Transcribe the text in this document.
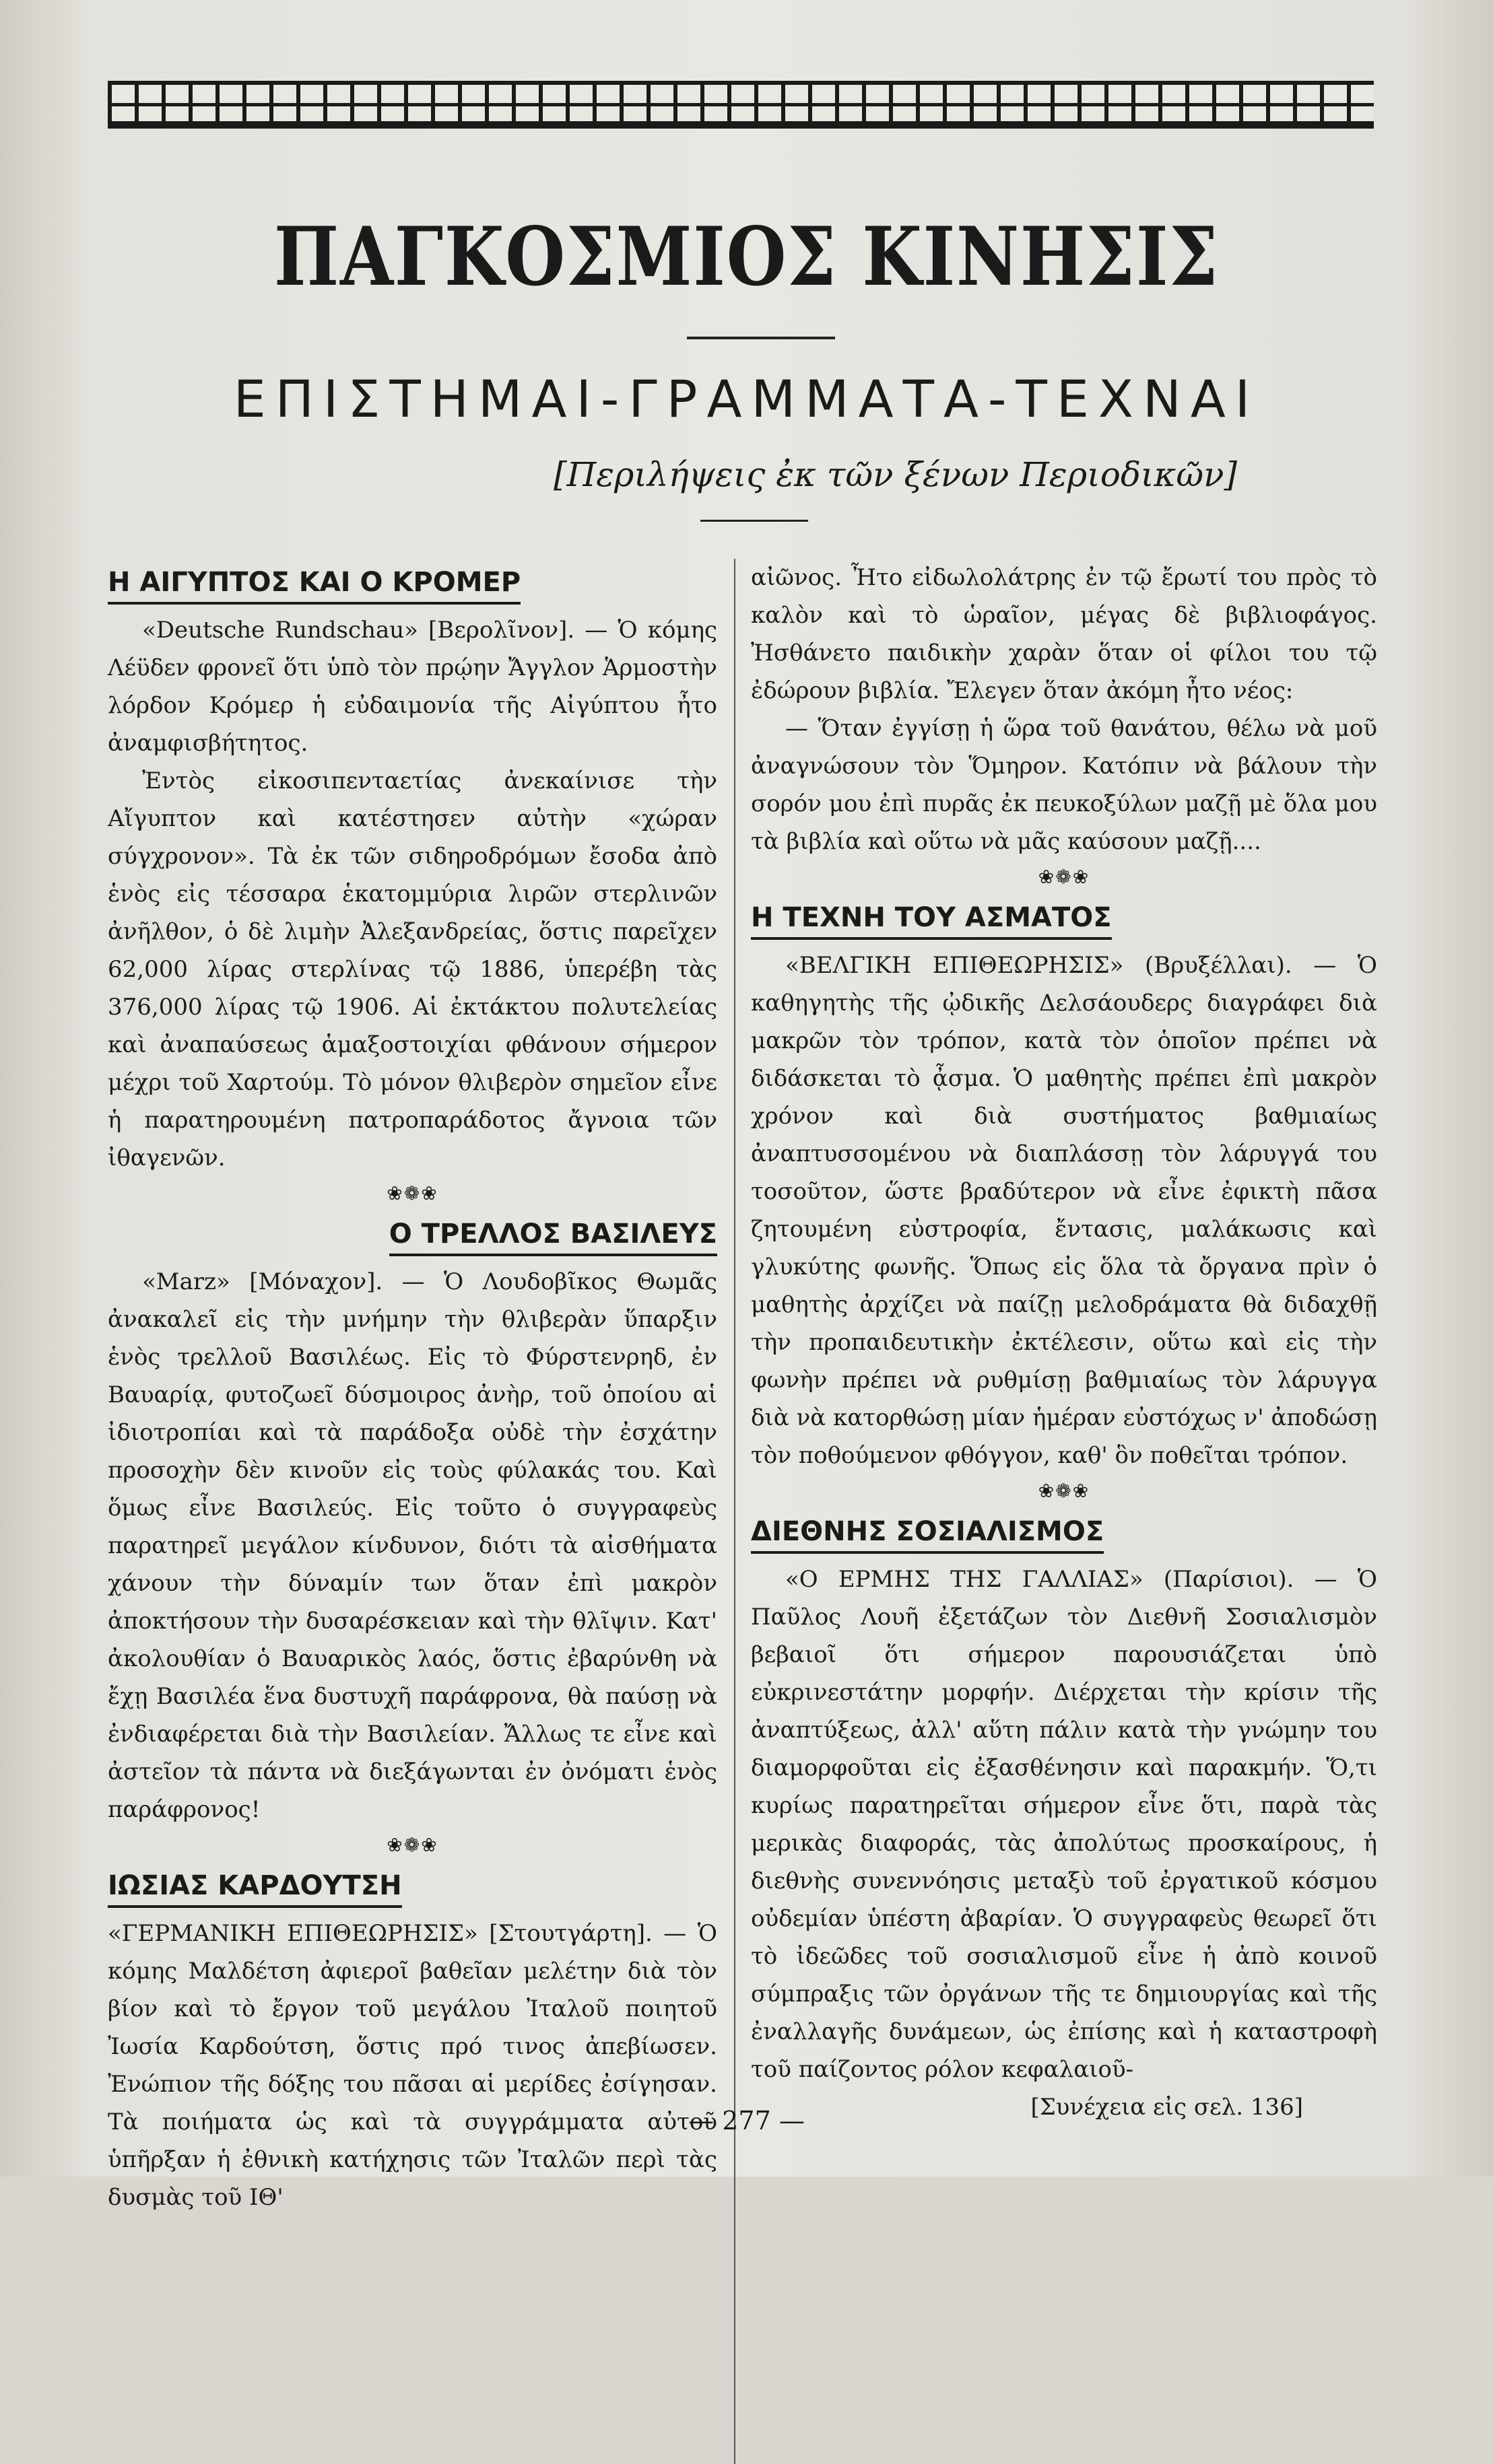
ΠΑΓΚΟΣΜΙΟΣ ΚΙΝΗΣΙΣ
ΕΠΙΣΤΗΜΑΙ-ΓΡΑΜΜΑΤΑ-ΤΕΧΝΑΙ
[Περιλήψεις ἐκ τῶν ξένων Περιοδικῶν]
Η ΑΙΓΥΠΤΟΣ ΚΑΙ Ο ΚΡΟΜΕΡ

«Deutsche Rundschau» [Βερολῖνον]. — Ὁ κόμης Λέϋδεν φρονεῖ ὅτι ὑπὸ τὸν πρῴην Ἄγγλον Ἁρμοστὴν λόρδον Κρόμερ ἡ εὐδαιμονία τῆς Αἰγύπτου ἦτο ἀναμφισβήτητος.

Ἐντὸς εἰκοσιπενταετίας ἀνεκαίνισε τὴν Αἴγυπτον καὶ κατέστησεν αὐτὴν «χώραν σύγχρονον». Τὰ ἐκ τῶν σιδηροδρόμων ἔσοδα ἀπὸ ἑνὸς εἰς τέσσαρα ἑκατομμύρια λιρῶν στερλινῶν ἀνῆλθον, ὁ δὲ λιμὴν Ἀλεξανδρείας, ὅστις παρεῖχεν 62,000 λίρας στερλίνας τῷ 1886, ὑπερέβη τὰς 376,000 λίρας τῷ 1906. Αἱ ἐκτάκτου πολυτελείας καὶ ἀναπαύσεως ἁμαξοστοιχίαι φθάνουν σήμερον μέχρι τοῦ Χαρτούμ. Τὸ μόνον θλιβερὸν σημεῖον εἶνε ἡ παρατηρουμένη πατροπαράδοτος ἄγνοια τῶν ἰθαγενῶν.

❀❁❀
Ο ΤΡΕΛΛΟΣ ΒΑΣΙΛΕΥΣ

«Marz» [Μόναχον]. — Ὁ Λουδοβῖκος Θωμᾶς ἀνακαλεῖ εἰς τὴν μνήμην τὴν θλιβερὰν ὕπαρξιν ἑνὸς τρελλοῦ Βασιλέως. Εἰς τὸ Φύρστενρηδ, ἐν Βαυαρίᾳ, φυτοζωεῖ δύσμοιρος ἀνὴρ, τοῦ ὁποίου αἱ ἰδιοτροπίαι καὶ τὰ παράδοξα οὐδὲ τὴν ἐσχάτην προσοχὴν δὲν κινοῦν εἰς τοὺς φύλακάς του. Καὶ ὅμως εἶνε Βασιλεύς. Εἰς τοῦτο ὁ συγγραφεὺς παρατηρεῖ μεγάλον κίνδυνον, διότι τὰ αἰσθήματα χάνουν τὴν δύναμίν των ὅταν ἐπὶ μακρὸν ἀποκτήσουν τὴν δυσαρέσκειαν καὶ τὴν θλῖψιν. Κατ' ἀκολουθίαν ὁ Βαυαρικὸς λαός, ὅστις ἐβαρύνθη νὰ ἔχῃ Βασιλέα ἕνα δυστυχῆ παράφρονα, θὰ παύσῃ νὰ ἐνδιαφέρεται διὰ τὴν Βασιλείαν. Ἄλλως τε εἶνε καὶ ἀστεῖον τὰ πάντα νὰ διεξάγωνται ἐν ὀνόματι ἑνὸς παράφρονος!

❀❁❀
ΙΩΣΙΑΣ ΚΑΡΔΟΥΤΣΗ

«ΓΕΡΜΑΝΙΚΗ ΕΠΙΘΕΩΡΗΣΙΣ» [Στουτγάρτη]. — Ὁ κόμης Μαλδέτση ἀφιεροῖ βαθεῖαν μελέτην διὰ τὸν βίον καὶ τὸ ἔργον τοῦ μεγάλου Ἰταλοῦ ποιητοῦ Ἰωσία Καρδούτση, ὅστις πρό τινος ἀπεβίωσεν. Ἐνώπιον τῆς δόξης του πᾶσαι αἱ μερίδες ἐσίγησαν. Τὰ ποιήματα ὡς καὶ τὰ συγγράμματα αὐτοῦ ὑπῆρξαν ἡ ἐθνικὴ κατήχησις τῶν Ἰταλῶν περὶ τὰς δυσμὰς τοῦ ΙΘ'

αἰῶνος. Ἦτο εἰδωλολάτρης ἐν τῷ ἔρωτί του πρὸς τὸ καλὸν καὶ τὸ ὡραῖον, μέγας δὲ βιβλιοφάγος. Ἠσθάνετο παιδικὴν χαρὰν ὅταν οἱ φίλοι του τῷ ἐδώρουν βιβλία. Ἔλεγεν ὅταν ἀκόμη ἦτο νέος:

— Ὅταν ἐγγίσῃ ἡ ὥρα τοῦ θανάτου, θέλω νὰ μοῦ ἀναγνώσουν τὸν Ὅμηρον. Κατόπιν νὰ βάλουν τὴν σορόν μου ἐπὶ πυρᾶς ἐκ πευκοξύλων μαζῇ μὲ ὅλα μου τὰ βιβλία καὶ οὕτω νὰ μᾶς καύσουν μαζῇ....

❀❁❀
Η ΤΕΧΝΗ ΤΟΥ ΑΣΜΑΤΟΣ

«ΒΕΛΓΙΚΗ ΕΠΙΘΕΩΡΗΣΙΣ» (Βρυξέλλαι). — Ὁ καθηγητὴς τῆς ᾠδικῆς Δελσάουδερς διαγράφει διὰ μακρῶν τὸν τρόπον, κατὰ τὸν ὁποῖον πρέπει νὰ διδάσκεται τὸ ᾆσμα. Ὁ μαθητὴς πρέπει ἐπὶ μακρὸν χρόνον καὶ διὰ συστήματος βαθμιαίως ἀναπτυσσομένου νὰ διαπλάσσῃ τὸν λάρυγγά του τοσοῦτον, ὥστε βραδύτερον νὰ εἶνε ἐφικτὴ πᾶσα ζητουμένη εὐστροφία, ἔντασις, μαλάκωσις καὶ γλυκύτης φωνῆς. Ὅπως εἰς ὅλα τὰ ὄργανα πρὶν ὁ μαθητὴς ἀρχίζει νὰ παίζῃ μελοδράματα θὰ διδαχθῇ τὴν προπαιδευτικὴν ἐκτέλεσιν, οὕτω καὶ εἰς τὴν φωνὴν πρέπει νὰ ρυθμίσῃ βαθμιαίως τὸν λάρυγγα διὰ νὰ κατορθώσῃ μίαν ἡμέραν εὐστόχως ν' ἀποδώσῃ τὸν ποθούμενον φθόγγον, καθ' ὃν ποθεῖται τρόπον.

❀❁❀
ΔΙΕΘΝΗΣ ΣΟΣΙΑΛΙΣΜΟΣ

«Ο ΕΡΜΗΣ ΤΗΣ ΓΑΛΛΙΑΣ» (Παρίσιοι). — Ὁ Παῦλος Λουῆ ἐξετάζων τὸν Διεθνῆ Σοσιαλισμὸν βεβαιοῖ ὅτι σήμερον παρουσιάζεται ὑπὸ εὐκρινεστάτην μορφήν. Διέρχεται τὴν κρίσιν τῆς ἀναπτύξεως, ἀλλ' αὕτη πάλιν κατὰ τὴν γνώμην του διαμορφοῦται εἰς ἐξασθένησιν καὶ παρακμήν. Ὅ,τι κυρίως παρατηρεῖται σήμερον εἶνε ὅτι, παρὰ τὰς μερικὰς διαφοράς, τὰς ἀπολύτως προσκαίρους, ἡ διεθνὴς συνεννόησις μεταξὺ τοῦ ἐργατικοῦ κόσμου οὐδεμίαν ὑπέστη ἀβαρίαν. Ὁ συγγραφεὺς θεωρεῖ ὅτι τὸ ἰδεῶδες τοῦ σοσιαλισμοῦ εἶνε ἡ ἀπὸ κοινοῦ σύμπραξις τῶν ὀργάνων τῆς τε δημιουργίας καὶ τῆς ἐναλλαγῆς δυνάμεων, ὡς ἐπίσης καὶ ἡ καταστροφὴ τοῦ παίζοντος ρόλον κεφαλαιοῦ-

[Συνέχεια εἰς σελ. 136]
— 277 —
